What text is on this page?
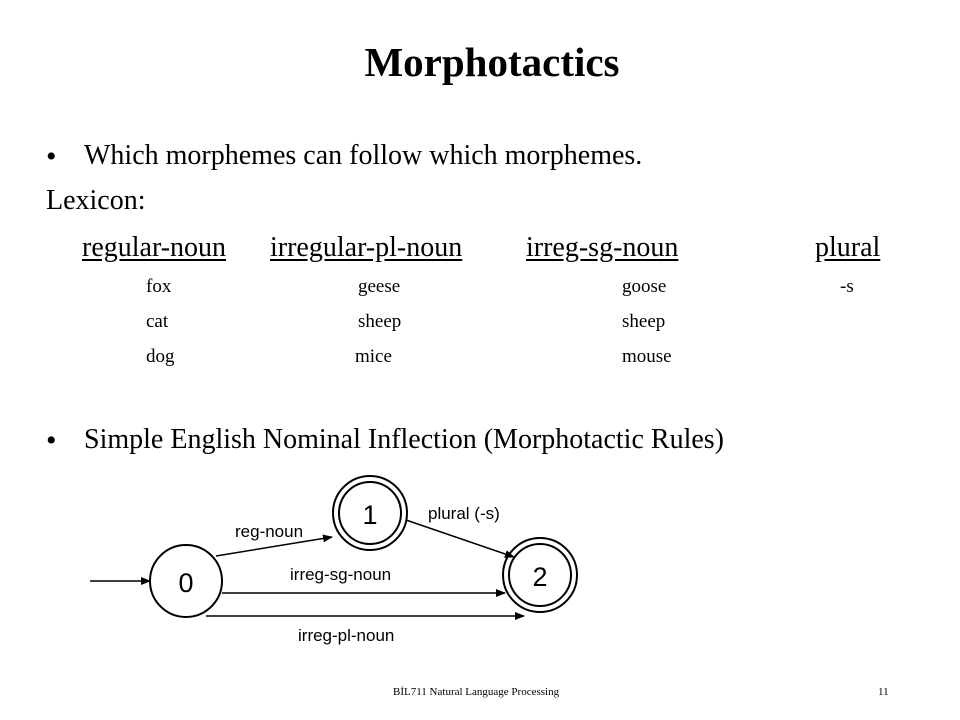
Morphotactics
• Which morphemes can follow which morphemes.
Lexicon:
regular-noun irregular-pl-noun irreg-sg-noun	plural
fox
cat
dog
geese
sheep
mice
goose
sheep
mouse
-s
• Simple English Nominal Inflection (Morphotactic Rules)
0
1
2
reg-noun
plural (-s)
irreg-sg-noun
irreg-pl-noun
BİL711 Natural Language Processing	11
